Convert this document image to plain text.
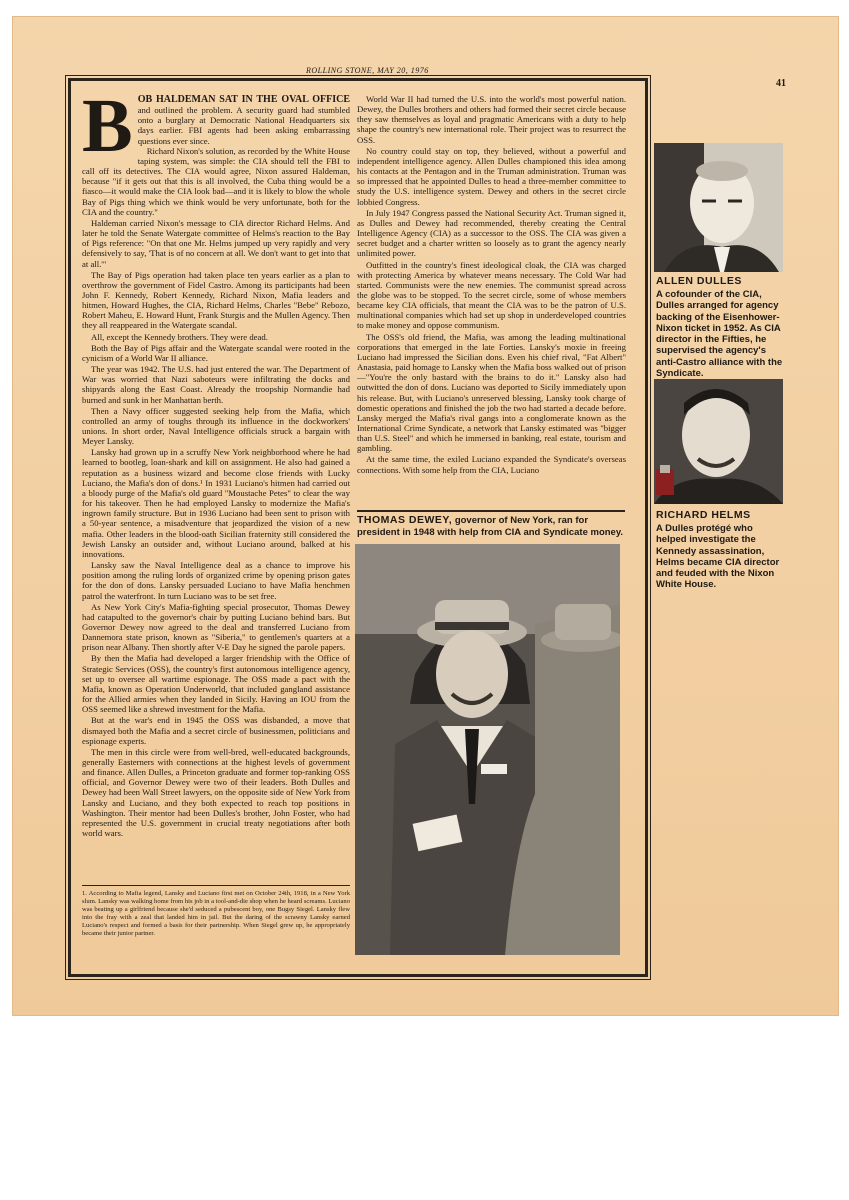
ROLLING STONE, MAY 20, 1976
41
B OB HALDEMAN SAT IN THE OVAL OFFICE and outlined the problem. A security guard had stumbled onto a burglary at Democratic National Headquarters six days earlier. FBI agents had been asking embarrassing questions ever since.

Richard Nixon's solution, as recorded by the White House taping system, was simple: the CIA should tell the FBI to call off its detectives. The CIA would agree, Nixon assured Haldeman, because "if it gets out that this is all involved, the Cuba thing would be a fiasco—it would make the CIA look bad—and it is likely to blow the whole Bay of Pigs thing which we think would be very unfortunate, both for the CIA and the country."

Haldeman carried Nixon's message to CIA director Richard Helms. And later he told the Senate Watergate committee of Helms's reaction to the Bay of Pigs reference: "On that one Mr. Helms jumped up very rapidly and very defensively to say, 'That is of no concern at all. We don't want to get into that at all.'"

The Bay of Pigs operation had taken place ten years earlier as a plan to overthrow the government of Fidel Castro. Among its participants had been John F. Kennedy, Robert Kennedy, Richard Nixon, Mafia leaders and hitmen, Howard Hughes, the CIA, Richard Helms, Charles "Bebe" Rebozo, Robert Maheu, E. Howard Hunt, Frank Sturgis and the Mullen Agency. Then they all reappeared in the Watergate scandal.

All, except the Kennedy brothers. They were dead.

Both the Bay of Pigs affair and the Watergate scandal were rooted in the cynicism of a World War II alliance.

The year was 1942. The U.S. had just entered the war. The Department of War was worried that Nazi saboteurs were infiltrating the docks and shipyards along the East Coast. Already the troopship Normandie had burned and sunk in her Manhattan berth.

Then a Navy officer suggested seeking help from the Mafia, which controlled an army of toughs through its influence in the dockworkers' unions. In short order, Naval Intelligence officials struck a bargain with Meyer Lansky.

Lansky had grown up in a scruffy New York neighborhood where he had learned to bootleg, loan-shark and kill on assignment. He also had gained a reputation as a business wizard and become close friends with Lucky Luciano, the Mafia's don of dons.¹ In 1931 Luciano's hitmen had carried out a bloody purge of the Mafia's old guard "Moustache Petes" to clear the way for his takeover. Then he had employed Lansky to modernize the Mafia's ingrown family structure. But in 1936 Luciano had been sent to prison with a 50-year sentence, a misadventure that jeopardized the vision of a new mafia. Other leaders in the blood-oath Sicilian fraternity still considered the Jewish Lansky an outsider and, without Luciano around, balked at his innovations.

Lansky saw the Naval Intelligence deal as a chance to improve his position among the ruling lords of organized crime by opening prison gates for the don of dons. Lansky persuaded Luciano to have Mafia henchmen patrol the waterfront. In turn Luciano was to be set free.

As New York City's Mafia-fighting special prosecutor, Thomas Dewey had catapulted to the governor's chair by putting Luciano behind bars. But Governor Dewey now agreed to the deal and transferred Luciano from Dannemora state prison, known as "Siberia," to gentlemen's quarters at a prison near Albany. Then shortly after V-E Day he signed the parole papers.

By then the Mafia had developed a larger friendship with the Office of Strategic Services (OSS), the country's first autonomous intelligence agency, set up to oversee all wartime espionage. The OSS made a pact with the Mafia, known as Operation Underworld, that included gangland assistance for the Allied armies when they landed in Sicily. Having an IOU from the OSS seemed like a shrewd investment for the Mafia.

But at the war's end in 1945 the OSS was disbanded, a move that dismayed both the Mafia and a secret circle of businessmen, politicians and espionage experts.

The men in this circle were from well-bred, well-educated backgrounds, generally Easterners with connections at the highest levels of government and finance. Allen Dulles, a Princeton graduate and former top-ranking OSS official, and Governor Dewey were two of their leaders. Both Dulles and Dewey had been Wall Street lawyers, on the opposite side of New York from Lansky and Luciano, and they both expected to reach top positions in Washington. Their mentor had been Dulles's brother, John Foster, who had represented the U.S. government in crucial treaty negotiations after both world wars.

1. According to Mafia legend, Lansky and Luciano first met on October 24th, 1918, in a New York slum. Lansky was walking home from his job in a tool-and-die shop when he heard screams. Luciano was beating up a girlfriend because she'd seduced a pubescent boy, one Bugsy Siegel. Lansky flew into the fray with a zeal that landed him in jail. But the daring of the scrawny Lansky earned Luciano's respect and formed a basis for their partnership. When Siegel grew up, he appropriately became their junior partner.

World War II had turned the U.S. into the world's most powerful nation. Dewey, the Dulles brothers and others had formed their secret circle because they saw themselves as loyal and pragmatic Americans with a duty to help shape the country's new international role. Their project was to resurrect the OSS.

No country could stay on top, they believed, without a powerful and independent intelligence agency. Allen Dulles championed this idea among his contacts at the Pentagon and in the Truman administration. Truman was so impressed that he appointed Dulles to head a three-member committee to study the U.S. intelligence system. Dewey and others in the secret circle lobbied Congress.

In July 1947 Congress passed the National Security Act. Truman signed it, as Dulles and Dewey had recommended, thereby creating the Central Intelligence Agency (CIA) as a successor to the OSS. The CIA was given a secret budget and a charter written so loosely as to grant the agency nearly unlimited power.

Outfitted in the country's finest ideological cloak, the CIA was charged with protecting America by whatever means necessary. The Cold War had started. Communists were the new enemies. The communist spread across the globe was to be stopped. To the secret circle, some of whose members became key CIA officials, that meant the CIA was to be the patron of U.S. multinational companies which had set up shop in underdeveloped countries to make money and oppose communism.

The OSS's old friend, the Mafia, was among the leading multinational corporations that emerged in the late Forties. Lansky's moxie in freeing Luciano had impressed the Sicilian dons. Even his chief rival, "Fat Albert" Anastasia, paid homage to Lansky when the Mafia boss walked out of prison—"You're the only bastard with the brains to do it." Lansky also had outwitted the don of dons. Luciano was deported to Sicily immediately upon his release. But, with Luciano's unreserved blessing, Lansky took charge of domestic operations and finished the job the two had started a decade before. Lansky merged the Mafia's rival gangs into a conglomerate known as the International Crime Syndicate, a network that Lansky estimated was "bigger than U.S. Steel" and which he immersed in banking, real estate, tourism and gambling.

At the same time, the exiled Luciano expanded the Syndicate's overseas connections. With some help from the CIA, Luciano

THOMAS DEWEY, governor of New York, ran for president in 1948 with help from CIA and Syndicate money.
ALLEN DULLES
A cofounder of the CIA, Dulles arranged for agency backing of the Eisenhower-Nixon ticket in 1952. As CIA director in the Fifties, he supervised the agency's anti-Castro alliance with the Syndicate.
RICHARD HELMS
A Dulles protégé who helped investigate the Kennedy assassination, Helms became CIA director and feuded with the Nixon White House.
